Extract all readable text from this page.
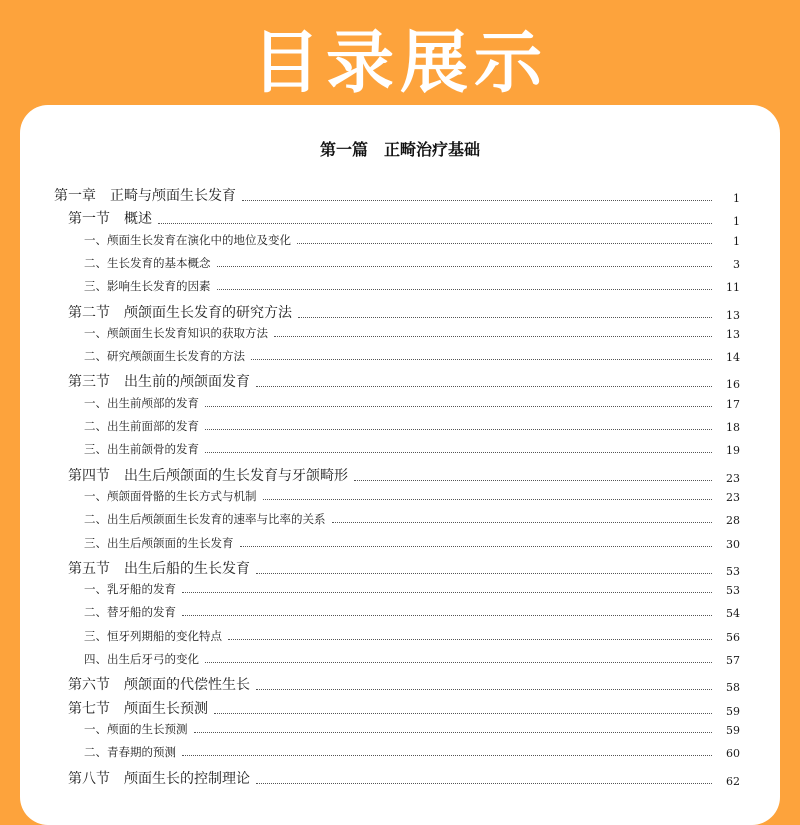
目录展示
第一篇　正畸治疗基础
第一章　正畸与颅面生长发育	1
第一节　概述	1
一、颅面生长发育在演化中的地位及变化	1
二、生长发育的基本概念	3
三、影响生长发育的因素	11
第二节　颅颌面生长发育的研究方法	13
一、颅颌面生长发育知识的获取方法	13
二、研究颅颌面生长发育的方法	14
第三节　出生前的颅颌面发育	16
一、出生前颅部的发育	17
二、出生前面部的发育	18
三、出生前颌骨的发育	19
第四节　出生后颅颌面的生长发育与牙颌畸形	23
一、颅颌面骨骼的生长方式与机制	23
二、出生后颅颌面生长发育的速率与比率的关系	28
三、出生后颅颌面的生长发育	30
第五节　出生后船的生长发育	53
一、乳牙船的发育	53
二、替牙船的发育	54
三、恒牙列期船的变化特点	56
四、出生后牙弓的变化	57
第六节　颅颌面的代偿性生长	58
第七节　颅面生长预测	59
一、颅面的生长预测	59
二、青春期的预测	60
第八节　颅面生长的控制理论	62
